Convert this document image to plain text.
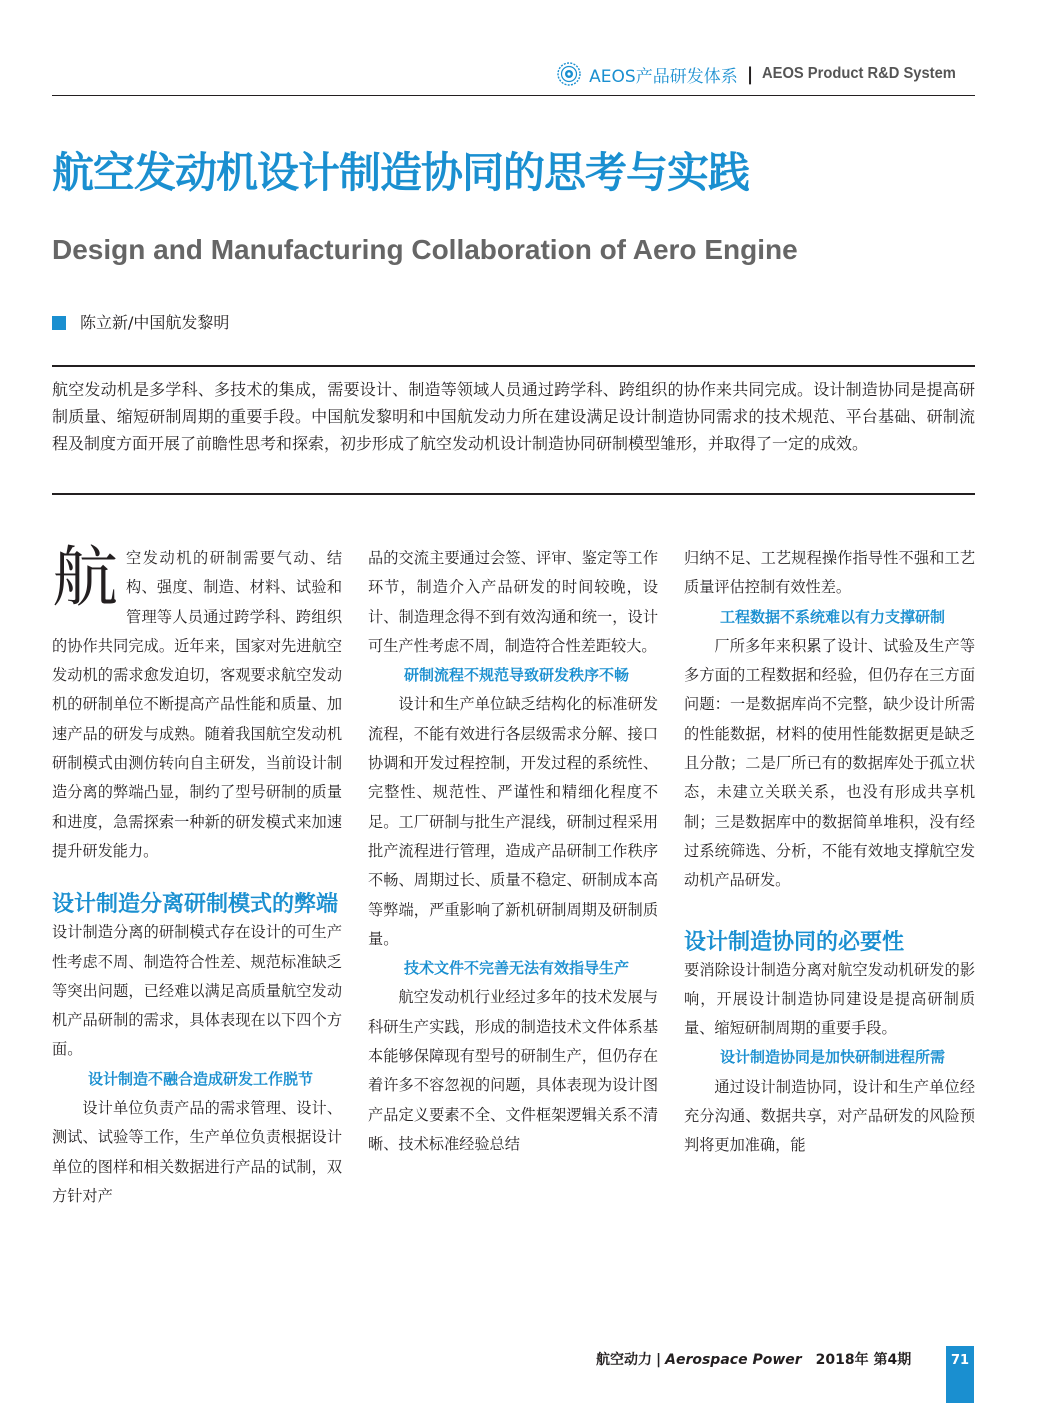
AEOS产品研发体系 | AEOS Product R&D System
航空发动机设计制造协同的思考与实践
Design and Manufacturing Collaboration of Aero Engine
陈立新/中国航发黎明

航空发动机是多学科、多技术的集成，需要设计、制造等领域人员通过跨学科、跨组织的协作来共同完成。设计制造协同是提高研制质量、缩短研制周期的重要手段。中国航发黎明和中国航发动力所在建设满足设计制造协同需求的技术规范、平台基础、研制流程及制度方面开展了前瞻性思考和探索，初步形成了航空发动机设计制造协同研制模型雏形，并取得了一定的成效。

航 空发动机的研制需要气动、结构、强度、制造、材料、试验和管理等人员通过跨学科、跨组织的协作共同完成。近年来，国家对先进航空发动机的需求愈发迫切，客观要求航空发动机的研制单位不断提高产品性能和质量、加速产品的研发与成熟。随着我国航空发动机研制模式由测仿转向自主研发，当前设计制造分离的弊端凸显，制约了型号研制的质量和进度，急需探索一种新的研发模式来加速提升研发能力。

设计制造分离研制模式的弊端

设计制造分离的研制模式存在设计的可生产性考虑不周、制造符合性差、规范标准缺乏等突出问题，已经难以满足高质量航空发动机产品研制的需求，具体表现在以下四个方面。

设计制造不融合造成研发工作脱节

设计单位负责产品的需求管理、设计、测试、试验等工作，生产单位负责根据设计单位的图样和相关数据进行产品的试制，双方针对产

品的交流主要通过会签、评审、鉴定等工作环节，制造介入产品研发的时间较晚，设计、制造理念得不到有效沟通和统一，设计可生产性考虑不周，制造符合性差距较大。

研制流程不规范导致研发秩序不畅

设计和生产单位缺乏结构化的标准研发流程，不能有效进行各层级需求分解、接口协调和开发过程控制，开发过程的系统性、完整性、规范性、严谨性和精细化程度不足。工厂研制与批生产混线，研制过程采用批产流程进行管理，造成产品研制工作秩序不畅、周期过长、质量不稳定、研制成本高等弊端，严重影响了新机研制周期及研制质量。

技术文件不完善无法有效指导生产

航空发动机行业经过多年的技术发展与科研生产实践，形成的制造技术文件体系基本能够保障现有型号的研制生产，但仍存在着许多不容忽视的问题，具体表现为设计图产品定义要素不全、文件框架逻辑关系不清晰、技术标准经验总结

归纳不足、工艺规程操作指导性不强和工艺质量评估控制有效性差。

工程数据不系统难以有力支撑研制

厂所多年来积累了设计、试验及生产等多方面的工程数据和经验，但仍存在三方面问题：一是数据库尚不完整，缺少设计所需的性能数据，材料的使用性能数据更是缺乏且分散；二是厂所已有的数据库处于孤立状态，未建立关联关系，也没有形成共享机制；三是数据库中的数据简单堆积，没有经过系统筛选、分析，不能有效地支撑航空发动机产品研发。

设计制造协同的必要性

要消除设计制造分离对航空发动机研发的影响，开展设计制造协同建设是提高研制质量、缩短研制周期的重要手段。

设计制造协同是加快研制进程所需

通过设计制造协同，设计和生产单位经充分沟通、数据共享，对产品研发的风险预判将更加准确，能

航空动力 | Aerospace Power 2018年 第4期	71
